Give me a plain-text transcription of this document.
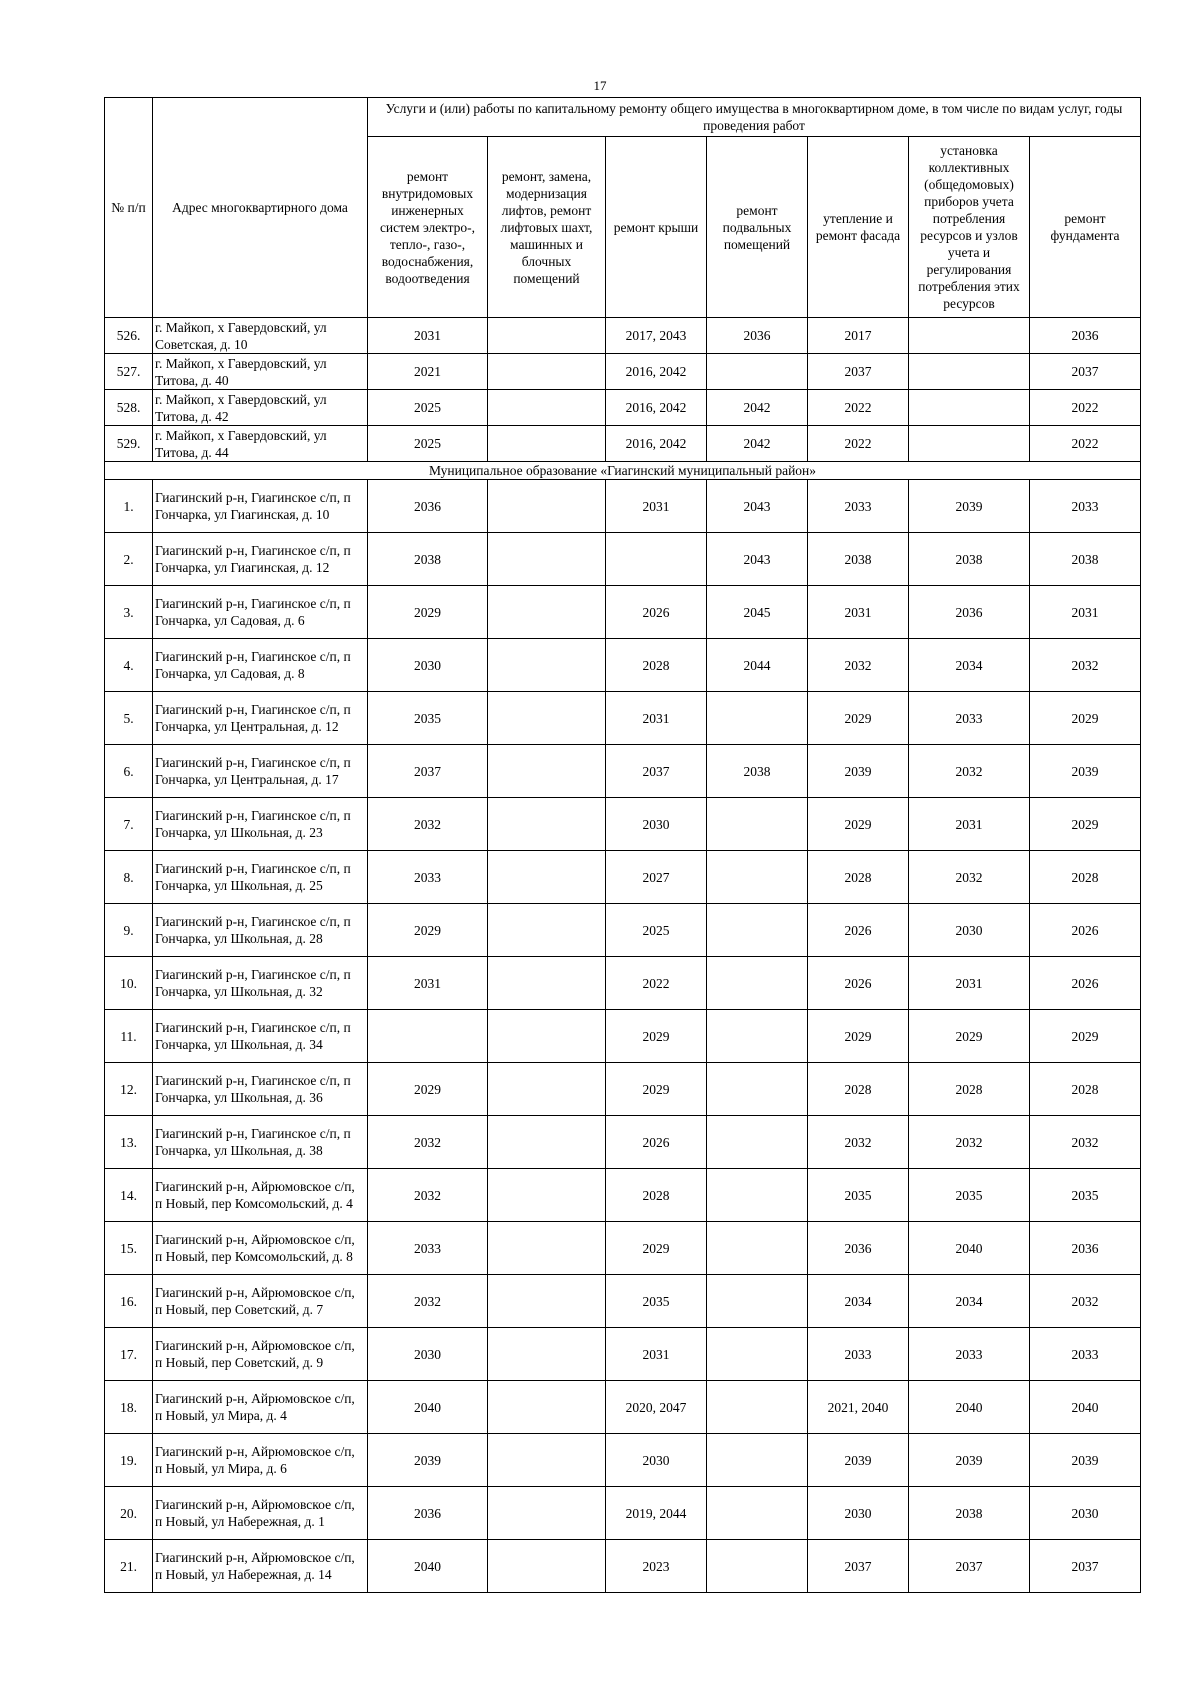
17
№ п/п	Адрес многоквартирного дома	Услуги и (или) работы по капитальному ремонту общего имущества в многоквартирном доме, в том числе по видам услуг, годы проведения работ						
		ремонт внутридомовых инженерных систем электро-, тепло-, газо-, водоснабжения, водоотведения	ремонт, замена, модернизация лифтов, ремонт лифтовых шахт, машинных и блочных помещений	ремонт крыши	ремонт подвальных помещений	утепление и ремонт фасада	установка коллективных (общедомовых) приборов учета потребления ресурсов и узлов учета и регулирования потребления этих ресурсов	ремонт фундамента
526.	г. Майкоп, х Гавердовский, ул Советская, д. 10	2031		2017, 2043	2036	2017		2036
527.	г. Майкоп, х Гавердовский, ул Титова, д. 40	2021		2016, 2042		2037		2037
528.	г. Майкоп, х Гавердовский, ул Титова, д. 42	2025		2016, 2042	2042	2022		2022
529.	г. Майкоп, х Гавердовский, ул Титова, д. 44	2025		2016, 2042	2042	2022		2022
Муниципальное образование «Гиагинский муниципальный район»								
1.	Гиагинский р-н, Гиагинское с/п, п Гончарка, ул Гиагинская, д. 10	2036		2031	2043	2033	2039	2033
2.	Гиагинский р-н, Гиагинское с/п, п Гончарка, ул Гиагинская, д. 12	2038			2043	2038	2038	2038
3.	Гиагинский р-н, Гиагинское с/п, п Гончарка, ул Садовая, д. 6	2029		2026	2045	2031	2036	2031
4.	Гиагинский р-н, Гиагинское с/п, п Гончарка, ул Садовая, д. 8	2030		2028	2044	2032	2034	2032
5.	Гиагинский р-н, Гиагинское с/п, п Гончарка, ул Центральная, д. 12	2035		2031		2029	2033	2029
6.	Гиагинский р-н, Гиагинское с/п, п Гончарка, ул Центральная, д. 17	2037		2037	2038	2039	2032	2039
7.	Гиагинский р-н, Гиагинское с/п, п Гончарка, ул Школьная, д. 23	2032		2030		2029	2031	2029
8.	Гиагинский р-н, Гиагинское с/п, п Гончарка, ул Школьная, д. 25	2033		2027		2028	2032	2028
9.	Гиагинский р-н, Гиагинское с/п, п Гончарка, ул Школьная, д. 28	2029		2025		2026	2030	2026
10.	Гиагинский р-н, Гиагинское с/п, п Гончарка, ул Школьная, д. 32	2031		2022		2026	2031	2026
11.	Гиагинский р-н, Гиагинское с/п, п Гончарка, ул Школьная, д. 34			2029		2029	2029	2029
12.	Гиагинский р-н, Гиагинское с/п, п Гончарка, ул Школьная, д. 36	2029		2029		2028	2028	2028
13.	Гиагинский р-н, Гиагинское с/п, п Гончарка, ул Школьная, д. 38	2032		2026		2032	2032	2032
14.	Гиагинский р-н, Айрюмовское с/п, п Новый, пер Комсомольский, д. 4	2032		2028		2035	2035	2035
15.	Гиагинский р-н, Айрюмовское с/п, п Новый, пер Комсомольский, д. 8	2033		2029		2036	2040	2036
16.	Гиагинский р-н, Айрюмовское с/п, п Новый, пер Советский, д. 7	2032		2035		2034	2034	2032
17.	Гиагинский р-н, Айрюмовское с/п, п Новый, пер Советский, д. 9	2030		2031		2033	2033	2033
18.	Гиагинский р-н, Айрюмовское с/п, п Новый, ул Мира, д. 4	2040		2020, 2047		2021, 2040	2040	2040
19.	Гиагинский р-н, Айрюмовское с/п, п Новый, ул Мира, д. 6	2039		2030		2039	2039	2039
20.	Гиагинский р-н, Айрюмовское с/п, п Новый, ул Набережная, д. 1	2036		2019, 2044		2030	2038	2030
21.	Гиагинский р-н, Айрюмовское с/п, п Новый, ул Набережная, д. 14	2040		2023		2037	2037	2037
